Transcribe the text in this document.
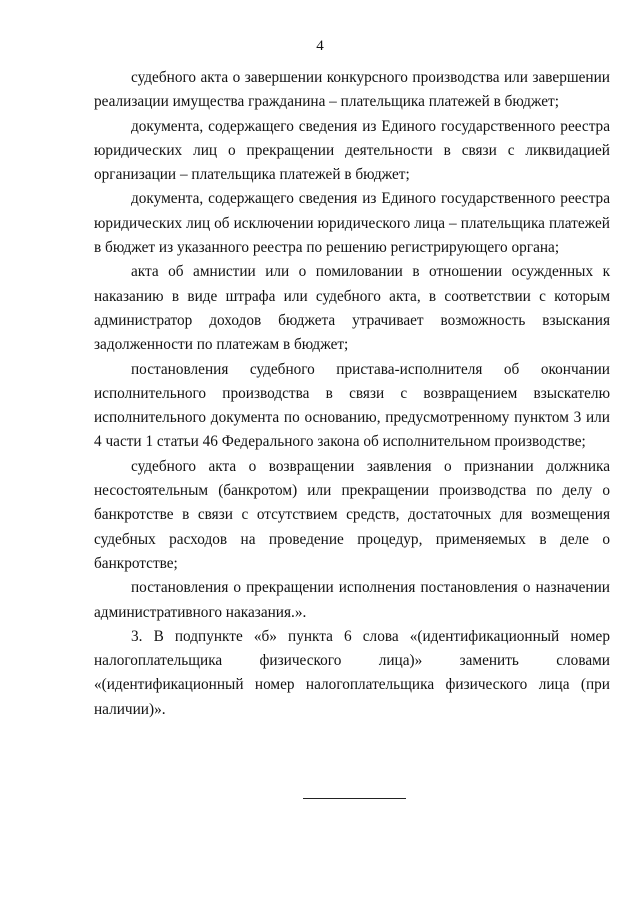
4

судебного акта о завершении конкурсного производства или завершении реализации имущества гражданина – плательщика платежей в бюджет;

документа, содержащего сведения из Единого государственного реестра юридических лиц о прекращении деятельности в связи с ликвидацией организации – плательщика платежей в бюджет;

документа, содержащего сведения из Единого государственного реестра юридических лиц об исключении юридического лица – плательщика платежей в бюджет из указанного реестра по решению регистрирующего органа;

акта об амнистии или о помиловании в отношении осужденных к наказанию в виде штрафа или судебного акта, в соответствии с которым администратор доходов бюджета утрачивает возможность взыскания задолженности по платежам в бюджет;

постановления судебного пристава-исполнителя об окончании исполнительного производства в связи с возвращением взыскателю исполнительного документа по основанию, предусмотренному пунктом 3 или 4 части 1 статьи 46 Федерального закона об исполнительном производстве;

судебного акта о возвращении заявления о признании должника несостоятельным (банкротом) или прекращении производства по делу о банкротстве в связи с отсутствием средств, достаточных для возмещения судебных расходов на проведение процедур, применяемых в деле о банкротстве;

постановления о прекращении исполнения постановления о назначении административного наказания.».

3. В подпункте «б» пункта 6 слова «(идентификационный номер налогоплательщика физического лица)» заменить словами «(идентификационный номер налогоплательщика физического лица (при наличии)».
